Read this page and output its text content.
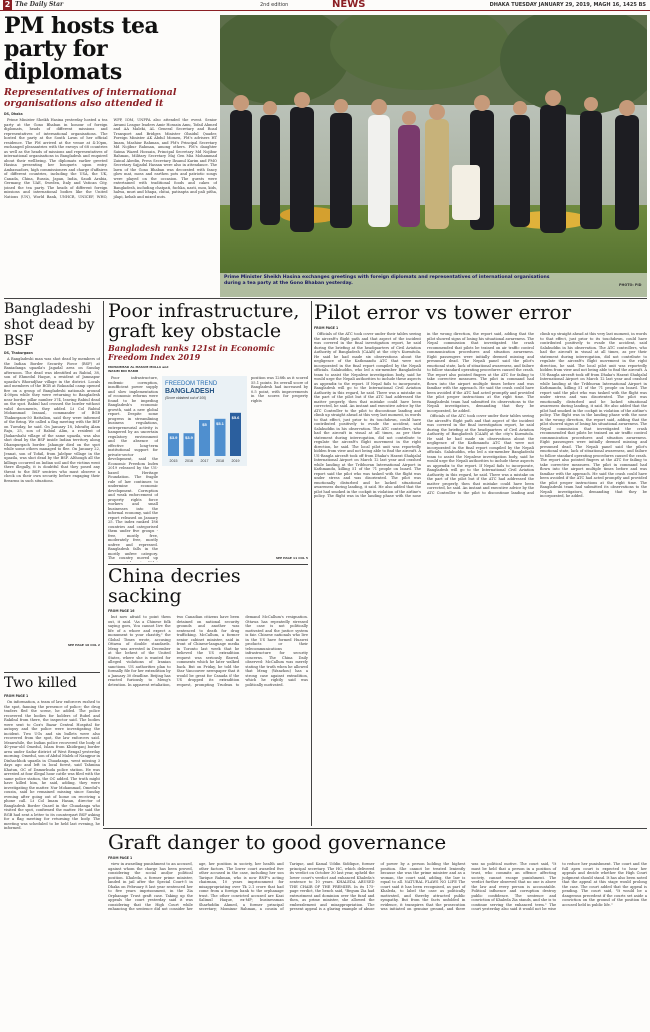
2 The Daily Star	2nd edition	NEWS	DHAKA TUESDAY JANUARY 29, 2019, MAGH 16, 1425 BS
PM hosts tea party for diplomats
Representatives of international organisations also attended it
DS, Dhaka

Prime Minister Sheikh Hasina yesterday hosted a tea party at the Gono Bhaban in honour of foreign diplomats, heads of different missions and representatives of international organisations. The hosted the party at the South Lawn of her official residence. The PM arrived at the venue at 4:10pm, exchanged pleasantries with the envoys of 68 countries as well as the heads of missions and representatives of international organisations in Bangladesh and enquired about their wellbeing. The diplomats earlier greeted Hasina presenting her bouquets upon entry. Ambassadors, high commissioners and charge d'affaires of different countries, including the USA, the UK, Canada, China, Russia, Japan, India, Saudi Arabia, Germany, the UAE, Sweden, Italy and Vatican City, joined the tea party. The heads of different foreign missions and international bodies like the United Nations (UN), World Bank, UNHCR, UNICEF, WHO, WFP, IOM, UNFPA also attended the event. Senior Awami League leaders Amir Hossain Amu, Tofail Ahmed and AA Maleki, AL General Secretary and Road Transport and Bridges Minister Obaidul Quader, Foreign Minister AK Abdul Momen, PM's advisers HT Imam, Mashiur Rahman, and PM's Principal Secretary Md Nojibur Rahman, among others. PM's daughter Saima Wazed Hossain, Principal Secretary Md Nojibur Rahman, Military Secretary Maj Gen Mia Mohammad Zainul Abedin, Press Secretary Ihsanul Karim and PMO Secretary Sajjadul Hassan were also in attendance. The lawn of the Gono Bhaban was decorated with fancy glow mat, moss and earthen pots and patriotic songs were played on the occasion. The guests were entertained with traditional foods and cakes of Bangladesh, including chatpati, fuchka, nasti, mou, kids, halwa, muri and bhapa, chitai, patisapta and pali pitha, jilapi, kebab and mixed nuts.

Prime Minister Sheikh Hasina exchanges greetings with foreign diplomats and representatives of international organisations during a tea party at the Gono Bhaban yesterday.	PHOTO: PID
Bangladeshi shot dead by BSF
DS, Thakurgaon

A Bangladeshi man was shot dead by members of the Indian Border Security Force (BSF) at Baniadanga upazila's Jagadal area on Sunday afternoon. The dead was identified as Rabiul, 38, son of Ehmedul Haque, a resident of Jamnapur upazila's Bhoradjhar village in the district. Locals and members of the BGB at Rokoadal camp opened fire on a group of Bangladeshi nationals around 4:00pm while they were returning to Bangladesh near border pillar number 374, leaving Rabiul dead on the spot. Rabiul had crossed the border without valid documents, they added. Lt Col Rabiul Mohammad Iranaul, commander of BGB Thakurgaon-50 Battalion, said they were informed of the firing. We called a flag meeting with the BSF on Tuesday, he said. On January 18, Ishrafiq Alam Raju, 25, son of Rabiul Alim, a resident of Jhukarshahi village of the same upazila, was also shot dead by the BSF inside Indian territory along Dhampurgach border. Jahangir died on the spot while some others managed to flee. On January 22, Jennat, son of Tofail, from Jalelpur village in the upazila, was shot dead by the BSF. Although all the killings occurred on Indian soil and the victims went there illegally, it is doubtful that they posed any threat to the BSF sentries who must observe a check on their own security before engaging their firearms in such situations.

SEE PAGE 10 COL 2
Two killed
FROM PAGE 1

On information, a team of law enforcers rushed to the spot, fanning the presence of police; the drug traders fled the scene, he added. The police recovered the bodies for holders of Rubel and Rakibul from there, the inspector said. The bodies were sent to Cox's Bazar Central Hospital for autopsy and the police were investigating the incident. Two UGs and six bullets were also recovered from the spot, the law enforcers said. Meanwhile, the Indian police recovered the body of 40-year-old Omedul, Islam from Khidirganj border area under Sadar district of West Bengal yesterday morning. Omedul, son of Abdul Malek of Nangpur in Dinhachhok upazila in Chuadanga, went missing 3 days ago and left in local forest, said Tahmina Khatun, OC of Damurhuda police station. He was arrested at four illegal hour cattle was filed with the same police station, the OC added. The truth might have killed him, he said, adding, they were investigating the matter. Nur Mohammad, Omedul's cousin, said he remained missing since Sunday evening after going out of home on receiving a phone call. Lt Col Imam Hasan, director of Bangladesh Border Guard in the Chuadanga who visited the spot, confirmed the matter. He said the BGB had sent a letter to its counterpart BSF asking for a flag meeting for returning the body. The meeting was scheduled to be held last evening, he informed.

Poor infrastructure, graft key obstacle
Bangladesh ranks 121st in Economic Freedom Index 2019
MOHAMMAD AL MASUM MOLLA and WASIM BIN HABIB
FREEDOM TREND
BANGLADESH
(Score obtained out of 100)
$3.9
2015
$3.9
2016
$5
2017
$5.1
2018
$5.6
2019

Poor infrastructure, endemic corruption, insufficient power supply and slow implementation of economic reforms were found to be impeding Bangladesh's economic growth, said a new global report. Despite some progress in streamlining business regulations, entrepreneurial activity is hampered by an uncertain regulatory environment and the absence of effective long-term institutional support for private-sector development, said the Economic Freedom Index 2019 released by the US-based Heritage Foundation. The fragile rule of law continues to undermine economic development. Corruption and weak enforcement of property rights force workers and small businesses into the informal economy, said the report released on January 25. The index ranked 186 countries and categorised them under five groups - free, mostly free, moderately free, mostly unfree and repressed. Bangladesh falls in the mostly unfree category. The country moved up

position was 128th as it scored 55.1 points. Its overall score of Bangladesh had increased by 0.5 point, with improvements in the scores for property rights

SEE PAGE 11 COL 5
China decries sacking
FROM PAGE 16

but now afraid to point them out, it said. "As a Chinese folk saying goes, You cannot live the life of a whore and expect a monument to your chastity," the Global Times wrote, accusing Ottawa of double standards. Meng was arrested in December at the behest of the United States, where she is wanted for alleged violations of Iranian sanctions. US authorities plan to formally file for her extradition by a January 30 deadline. Beijing has reacted furiously to Meng's detention. In apparent retaliation, two Canadian citizens have been detained on national security grounds and another was sentenced to death for drug trafficking. McCallum, a former senior cabinet minister, said in front of Chinese-language media in Toronto last week that he believed the US extradition request was seriously flawed, comments which he later walked back. But on Friday, he told the Star Vancouver newspaper that it would be great for Canada if the US dropped its extradition request, prompting Trudeau to demand McCallum's resignation. Ottawa has repeatedly stressed the case is not politically motivated and the justice system is fair. Chinese nationals who live in the US have formed Huawei products or their telecommunications infrastructure for security concerns. The China Daily observed: McCallum was merely stating the truth when he allowed that Meng (Wanzhou) has a strong case against extradition, which he rightly said was politically motivated.

Pilot error vs tower error
FROM PAGE 1

Officials of the ATC took cover under their tables seeing the aircraft's flight path and that aspect of the incident was covered in the final investigation report, he said during the briefing at the headquarters of Civil Aviation Authority of Bangladesh (CAAB) at the city's Kurmitola. He said he had made six observations about the negligence of the Kathmandu ATC that were not incorporated in the final report compiled by the Nepali officials. Salahuddin, who led a six-member Bangladeshi team to assist the Nepalese investigation body, said he would urge the Nepali authorities to include these aspects as appendix to the report. If Nepal fails to incorporate, Bangladesh will go to the International Civil Aviation Authority in this regard, he said. There was a mistake on the part of the pilot but if the ATC had addressed the matter properly, then that mistake could have been corrected, he said. An instant and executive advice by the ATC Controller to the pilot to discontinue landing and climb up straight ahead at this very last moment, in words to that effect, just prior to its touchdown, could have contributed positively to evade the accident, said Salahuddin in his observation. The ATC controllers, who had the aircraft in visual at all times, as per their statement during interrogation, did not contribute to regulate the aircraft's flight movement in the right direction, he said. The local pilot unit was reportedly hidden from view and not being able to find the aircraft. A US-Bangla aircraft took off from Dhaka's Hazrat Shahjalal International Airport on March 12 last year and crashed while landing at the Tribhuvan International Airport in Kathmandu, killing 51 of the 71 people on board. The report said the pilot who was tasked with the flight was under stress and was disoriented. The pilot was emotionally disturbed and he lacked situational awareness during landing, it said. He also added that the pilot had smoked in the cockpit in violation of the airline's policy. The flight was in the landing phase with the nose in the wrong direction, the report said, adding that the pilot showed signs of losing his situational awareness. The Nepal commission that investigated the crash recommended that pilots be trained on air traffic control communication procedures and situation awareness. Eight passengers were initially deemed missing and presumed dead. The Nepali panel said the pilot's emotional state, lack of situational awareness, and failure to follow standard operating procedures caused the crash. The report also pointed fingers at the ATC for failing to take corrective measures. The pilot in command had flown into the airport multiple times before and was familiar with the approach. He said the crash could have been avoided if the ATC had acted promptly and provided the pilot proper instructions at the right time. The Bangladeshi team had submitted its observations to the Nepali investigators, demanding that they be incorporated, he added.

Officials of the ATC took cover under their tables seeing the aircraft's flight path and that aspect of the incident was covered in the final investigation report, he said during the briefing at the headquarters of Civil Aviation Authority of Bangladesh (CAAB) at the city's Kurmitola. He said he had made six observations about the negligence of the Kathmandu ATC that were not incorporated in the final report compiled by the Nepali officials. Salahuddin, who led a six-member Bangladeshi team to assist the Nepalese investigation body, said he would urge the Nepali authorities to include these aspects as appendix to the report. If Nepal fails to incorporate, Bangladesh will go to the International Civil Aviation Authority in this regard, he said. There was a mistake on the part of the pilot but if the ATC had addressed the matter properly, then that mistake could have been corrected, he said. An instant and executive advice by the ATC Controller to the pilot to discontinue landing and climb up straight ahead at this very last moment, in words to that effect, just prior to its touchdown, could have contributed positively to evade the accident, said Salahuddin in his observation. The ATC controllers, who had the aircraft in visual at all times, as per their statement during interrogation, did not contribute to regulate the aircraft's flight movement in the right direction, he said. The local pilot unit was reportedly hidden from view and not being able to find the aircraft. A US-Bangla aircraft took off from Dhaka's Hazrat Shahjalal International Airport on March 12 last year and crashed while landing at the Tribhuvan International Airport in Kathmandu, killing 51 of the 71 people on board. The report said the pilot who was tasked with the flight was under stress and was disoriented. The pilot was emotionally disturbed and he lacked situational awareness during landing, it said. He also added that the pilot had smoked in the cockpit in violation of the airline's policy. The flight was in the landing phase with the nose in the wrong direction, the report said, adding that the pilot showed signs of losing his situational awareness. The Nepal commission that investigated the crash recommended that pilots be trained on air traffic control communication procedures and situation awareness. Eight passengers were initially deemed missing and presumed dead. The Nepali panel said the pilot's emotional state, lack of situational awareness, and failure to follow standard operating procedures caused the crash. The report also pointed fingers at the ATC for failing to take corrective measures. The pilot in command had flown into the airport multiple times before and was familiar with the approach. He said the crash could have been avoided if the ATC had acted promptly and provided the pilot proper instructions at the right time. The Bangladeshi team had submitted its observations to the Nepali investigators, demanding that they be incorporated, he added.

Graft danger to good governance
FROM PAGE 1

view in awarding punishment to an accused, against whom the charge has been proved, considering the social and/or political position. Khaleda, a former prime minister, landed in jail after the Special Court-5 in Dhaka on February 8 last year sentenced her to five years imprisonment, in the Zia Orphanage Trust graft case. Taking up the appeals the court yesterday said it was considering that the High Court while enhancing the sentence did not consider her age, her position in society, her health and other factors. The lower court awarded five other accused in the case, including her son Tarique Rahman, who is now BNP's acting chairman, 10 years imprisonment for misappropriating over Tk 2.1 crore that had come from a foreign bank to the orphanage trust. The other convicted accused are Kazi Salimul Haque, ex-MP; businessman Sharfuddin Ahmed, a former principal secretary; Mominur Rahman, a cousin of Tarique, and Kamal Uddin Siddique, former principal secretary. The HC, which delivered its verdict on October 30 last year, upheld the lower court's verdict and enhanced Khaleda's sentence to 10 years. KHALEDA ABUSED THE CHAIR OF THE PREMIER. In its 175-page verdict, the bench said, "Begum Zia had entrustment and dominion over the fund and then, as prime minister, she allowed the embezzlement and misappropriation. The present appeal is a glaring example of abuse of power by a person holding the highest position. She cannot be treated leniently because she was the prime minister and as a woman, the court said, adding, the law is equal to all. NATURAL FLAWS NO LIFE The court said it has been recognised, as part of Khaleda, to label the case as politically motivated, and thereby attracted public sympathy. But from the facts unfolded in evidence, it transpires that the prosecution was initiated on genuine ground, and there was no political motive. The court said, "It must be held that a person in a position of trust, who commits an offence affecting society, cannot escape punishment. The verdict further observed that no one is above the law and every person is accountable. Political influence and corruption destroy public confidence. The sentence and conviction of Khaleda Zia stands, and she is to continue serving the enhanced term." The court yesterday also said it would not be wise to reduce her punishment. The court and the full apex court is expected to hear her appeals and decide whether the High Court judgment should stand. It has also been noted that the appeal at this stage would prolong the case. The court added that the appeal is pending. The court said, "It would be a dangerous precedent if the courts set aside a conviction on the ground of the position the accused held in public life."
